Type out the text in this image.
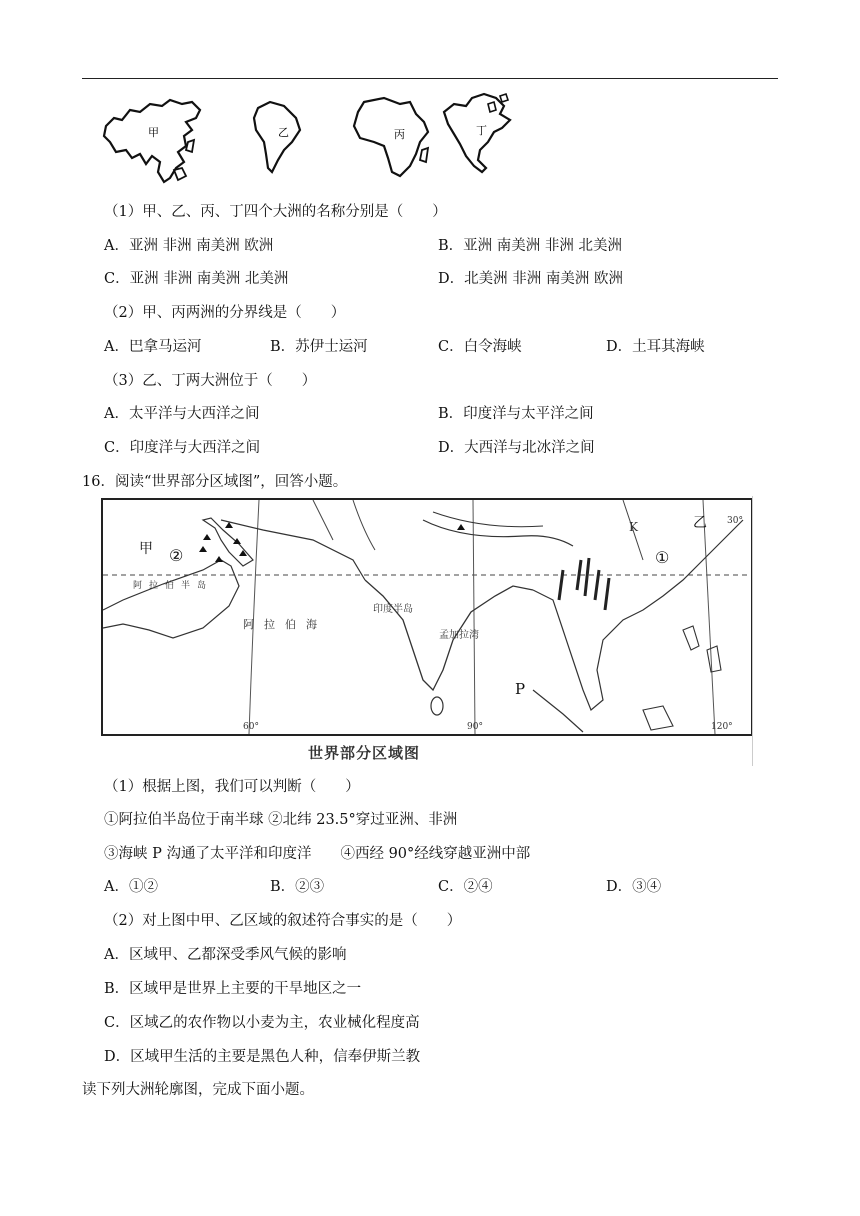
甲	乙	丙	丁
（1）甲、乙、丙、丁四个大洲的名称分别是（　　）
A．亚洲 非洲 南美洲 欧洲	B．亚洲 南美洲 非洲 北美洲
C．亚洲 非洲 南美洲 北美洲	D．北美洲 非洲 南美洲 欧洲
（2）甲、丙两洲的分界线是（　　）
A．巴拿马运河	B．苏伊士运河	C．白令海峡	D．土耳其海峡
（3）乙、丁两大洲位于（　　）
A．太平洋与大西洋之间	B．印度洋与太平洋之间
C．印度洋与大西洋之间	D．大西洋与北冰洋之间
16．阅读“世界部分区域图”，回答小题。
甲 ②	①
乙
K	30°
阿拉伯半岛
阿拉伯海
印度半岛
孟加拉湾
P
60°	90°	120°
世界部分区域图
（1）根据上图，我们可以判断（　　）
①阿拉伯半岛位于南半球 ②北纬 23.5°穿过亚洲、非洲
③海峡 P 沟通了太平洋和印度洋　　④西经 90°经线穿越亚洲中部
A．①②	B．②③	C．②④	D．③④
（2）对上图中甲、乙区域的叙述符合事实的是（　　）
A．区域甲、乙都深受季风气候的影响
B．区域甲是世界上主要的干旱地区之一
C．区域乙的农作物以小麦为主，农业械化程度高
D．区域甲生活的主要是黑色人种，信奉伊斯兰教
读下列大洲轮廓图，完成下面小题。
